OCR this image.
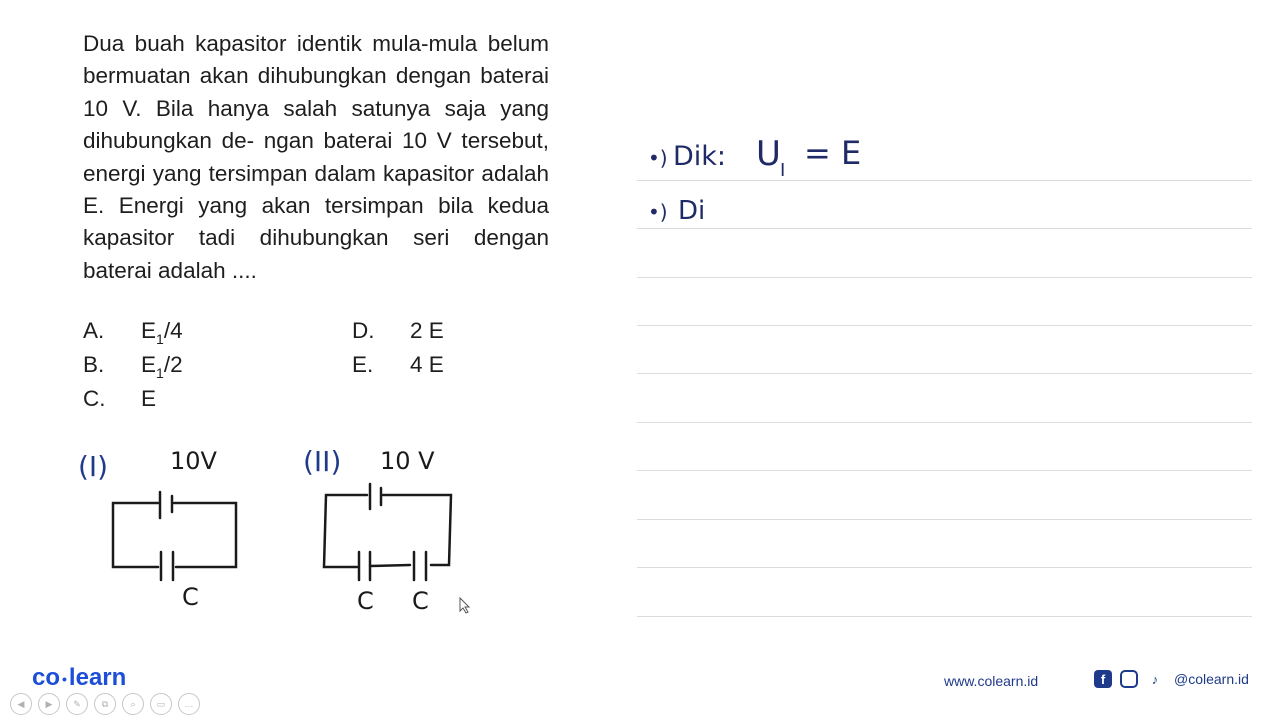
Dua buah kapasitor identik mula-mula belum bermuatan akan dihubungkan dengan baterai 10 V. Bila hanya salah satunya saja yang dihubungkan de- ngan baterai 10 V tersebut, energi yang tersimpan dalam kapasitor adalah E. Energi yang akan tersimpan bila kedua kapasitor tadi dihubungkan seri dengan baterai adalah ....
A. $E_1/4$
B. $E_1/2$
C. E
D. 2 E
E. 4 E
•) Dik: U I = E
•) Di
(I)	10V
C
(II) 10 V
C C
co •learn
◀	▶	✎	⧉	⌕	▭	…
www.colearn.id	f	♪	@colearn.id
